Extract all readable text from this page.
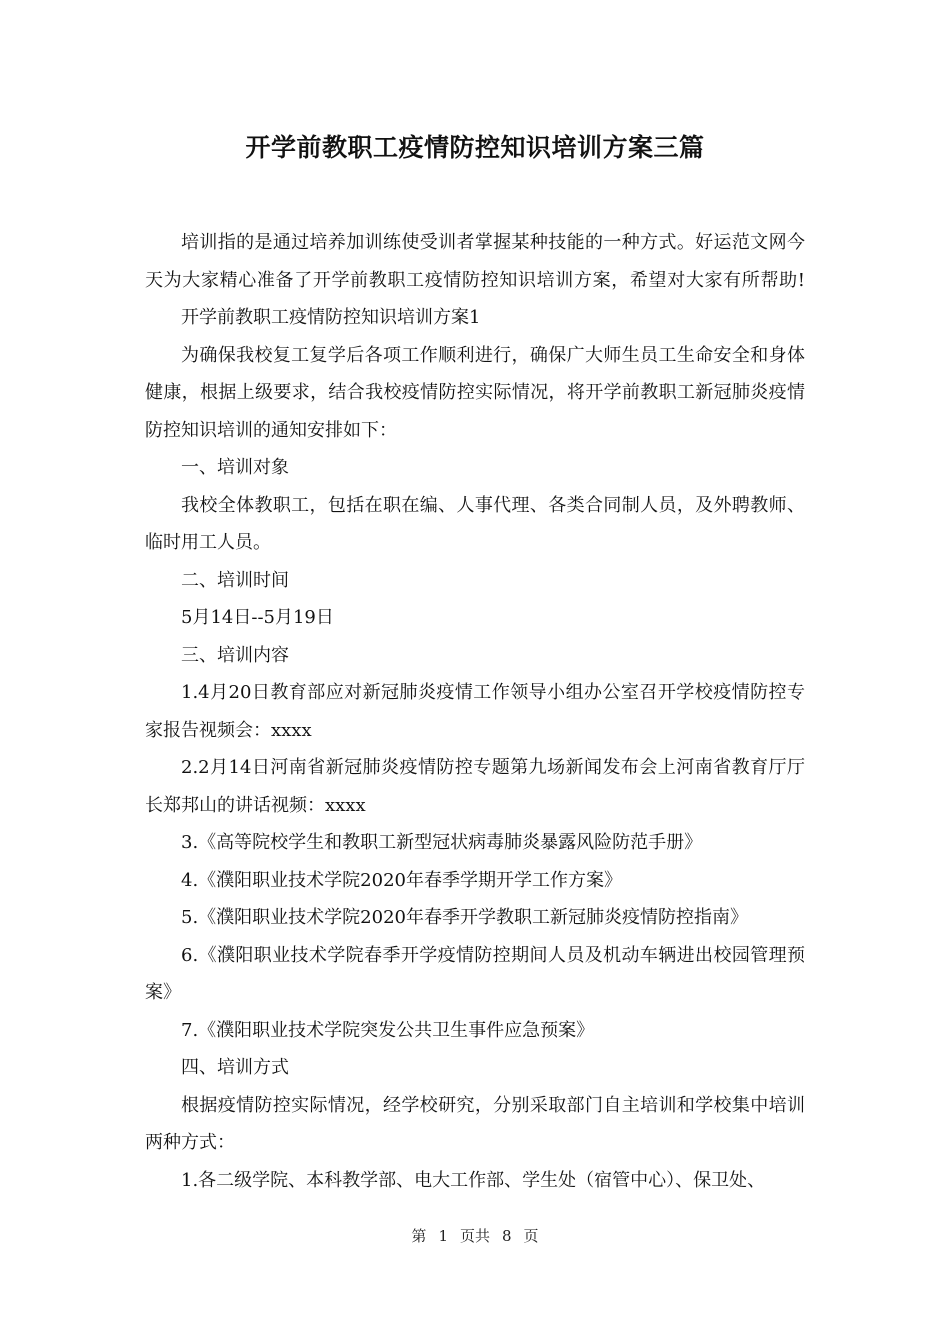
开学前教职工疫情防控知识培训方案三篇

培训指的是通过培养加训练使受训者掌握某种技能的一种方式。好运范文网今天为大家精心准备了开学前教职工疫情防控知识培训方案，希望对大家有所帮助!开学前教职工疫情防控知识培训方案1

为确保我校复工复学后各项工作顺利进行，确保广大师生员工生命安全和身体健康，根据上级要求，结合我校疫情防控实际情况，将开学前教职工新冠肺炎疫情防控知识培训的通知安排如下：

一、培训对象

我校全体教职工，包括在职在编、人事代理、各类合同制人员，及外聘教师、临时用工人员。

二、培训时间

5月14日--5月19日

三、培训内容

1.4月20日教育部应对新冠肺炎疫情工作领导小组办公室召开学校疫情防控专家报告视频会：xxxx

2.2月14日河南省新冠肺炎疫情防控专题第九场新闻发布会上河南省教育厅厅长郑邦山的讲话视频：xxxx

3.《高等院校学生和教职工新型冠状病毒肺炎暴露风险防范手册》

4.《濮阳职业技术学院2020年春季学期开学工作方案》

5.《濮阳职业技术学院2020年春季开学教职工新冠肺炎疫情防控指南》

6.《濮阳职业技术学院春季开学疫情防控期间人员及机动车辆进出校园管理预案》

7.《濮阳职业技术学院突发公共卫生事件应急预案》

四、培训方式

根据疫情防控实际情况，经学校研究，分别采取部门自主培训和学校集中培训两种方式：

1.各二级学院、本科教学部、电大工作部、学生处（宿管中心）、保卫处、

第 1 页共 8 页
